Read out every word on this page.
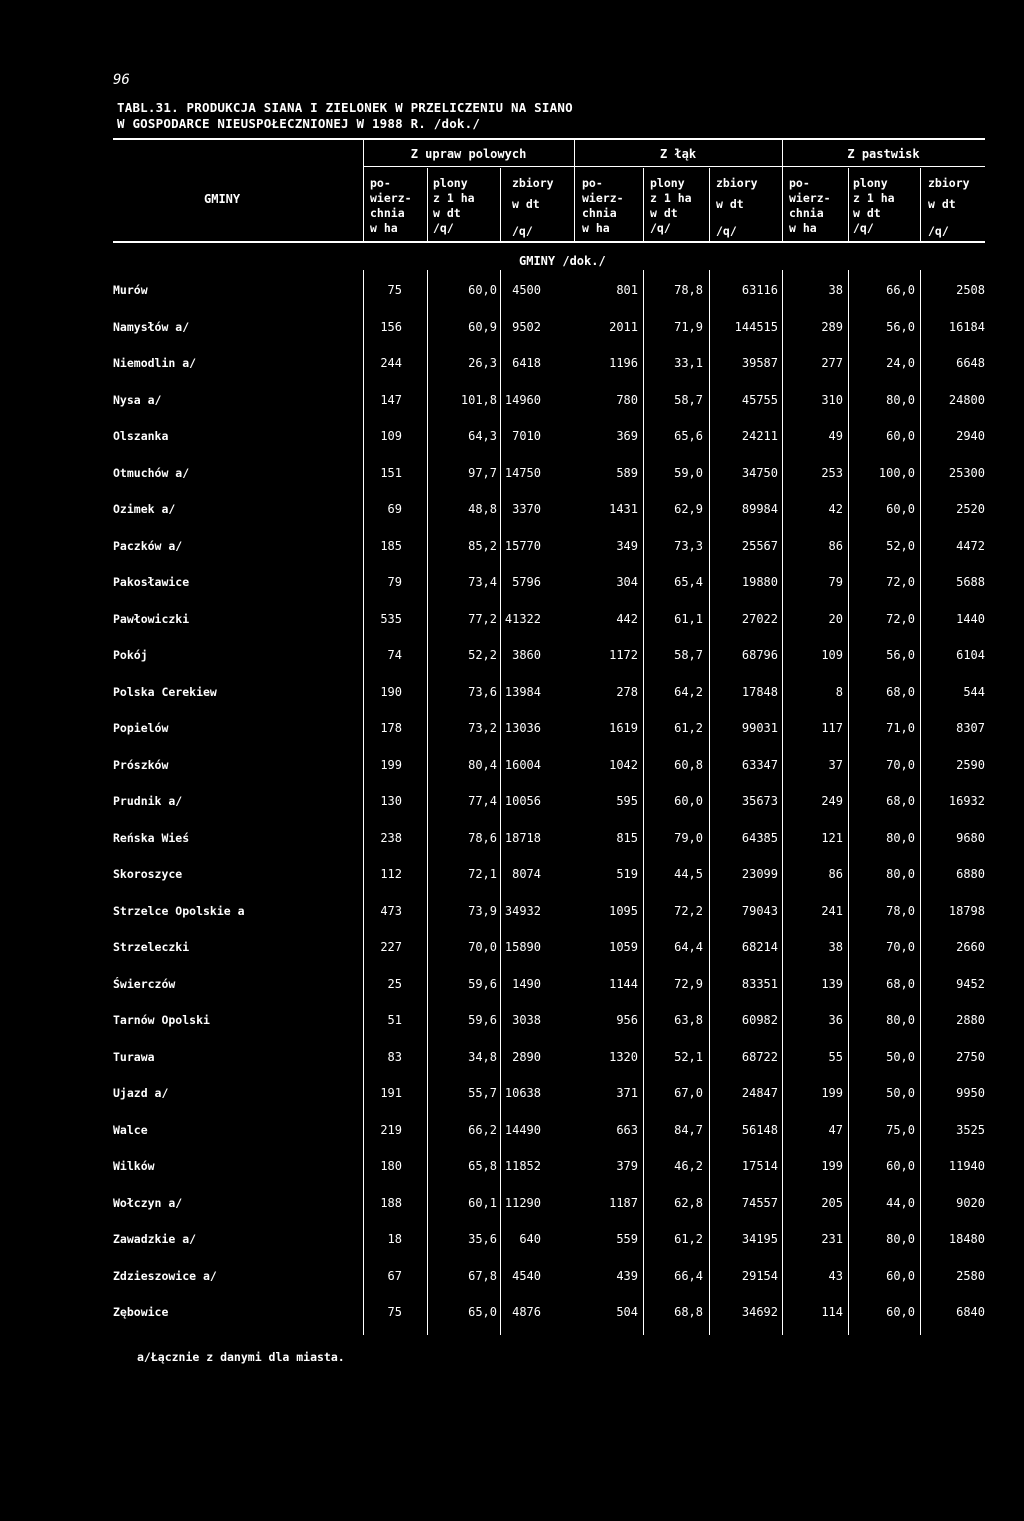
96
TABL.31. PRODUKCJA SIANA I ZIELONEK W PRZELICZENIU NA SIANO
W GOSPODARCE NIEUSPOŁECZNIONEJ W 1988 R. /dok./
GMINY
Z upraw polowych	Z łąk	Z pastwisk
po-
wierz-
chnia
w ha
plony
z 1 ha
w dt
/q/
zbiory
w dt
/q/
po-
wierz-
chnia
w ha
plony
z 1 ha
w dt
/q/
zbiory
w dt
/q/
po-
wierz-
chnia
w ha
plony
z 1 ha
w dt
/q/
zbiory
w dt
/q/
GMINY /dok./
Murów	75	60,0 4500	801	78,8	63116	38	66,0	2508
Namysłów a/	156	60,9 9502	2011	71,9	144515	289	56,0	16184
Niemodlin a/	244	26,3 6418	1196	33,1	39587	277	24,0	6648
Nysa a/	147	101,8 14960	780	58,7	45755	310	80,0	24800
Olszanka	109	64,3 7010	369	65,6	24211	49	60,0	2940
Otmuchów a/	151	97,7 14750	589	59,0	34750	253	100,0	25300
Ozimek a/	69	48,8 3370	1431	62,9	89984	42	60,0	2520
Paczków a/	185	85,2 15770	349	73,3	25567	86	52,0	4472
Pakosławice	79	73,4 5796	304	65,4	19880	79	72,0	5688
Pawłowiczki	535	77,2 41322	442	61,1	27022	20	72,0	1440
Pokój	74	52,2 3860	1172	58,7	68796	109	56,0	6104
Polska Cerekiew	190	73,6 13984	278	64,2	17848	8	68,0	544
Popielów	178	73,2 13036	1619	61,2	99031	117	71,0	8307
Prószków	199	80,4 16004	1042	60,8	63347	37	70,0	2590
Prudnik a/	130	77,4 10056	595	60,0	35673	249	68,0	16932
Reńska Wieś	238	78,6 18718	815	79,0	64385	121	80,0	9680
Skoroszyce	112	72,1 8074	519	44,5	23099	86	80,0	6880
Strzelce Opolskie a	473	73,9 34932	1095	72,2	79043	241	78,0	18798
Strzeleczki	227	70,0 15890	1059	64,4	68214	38	70,0	2660
Świerczów	25	59,6 1490	1144	72,9	83351	139	68,0	9452
Tarnów Opolski	51	59,6 3038	956	63,8	60982	36	80,0	2880
Turawa	83	34,8 2890	1320	52,1	68722	55	50,0	2750
Ujazd a/	191	55,7 10638	371	67,0	24847	199	50,0	9950
Walce	219	66,2 14490	663	84,7	56148	47	75,0	3525
Wilków	180	65,8 11852	379	46,2	17514	199	60,0	11940
Wołczyn a/	188	60,1 11290	1187	62,8	74557	205	44,0	9020
Zawadzkie a/	18	35,6 640	559	61,2	34195	231	80,0	18480
Zdzieszowice a/	67	67,8 4540	439	66,4	29154	43	60,0	2580
Zębowice	75	65,0 4876	504	68,8	34692	114	60,0	6840
a/Łącznie z danymi dla miasta.
